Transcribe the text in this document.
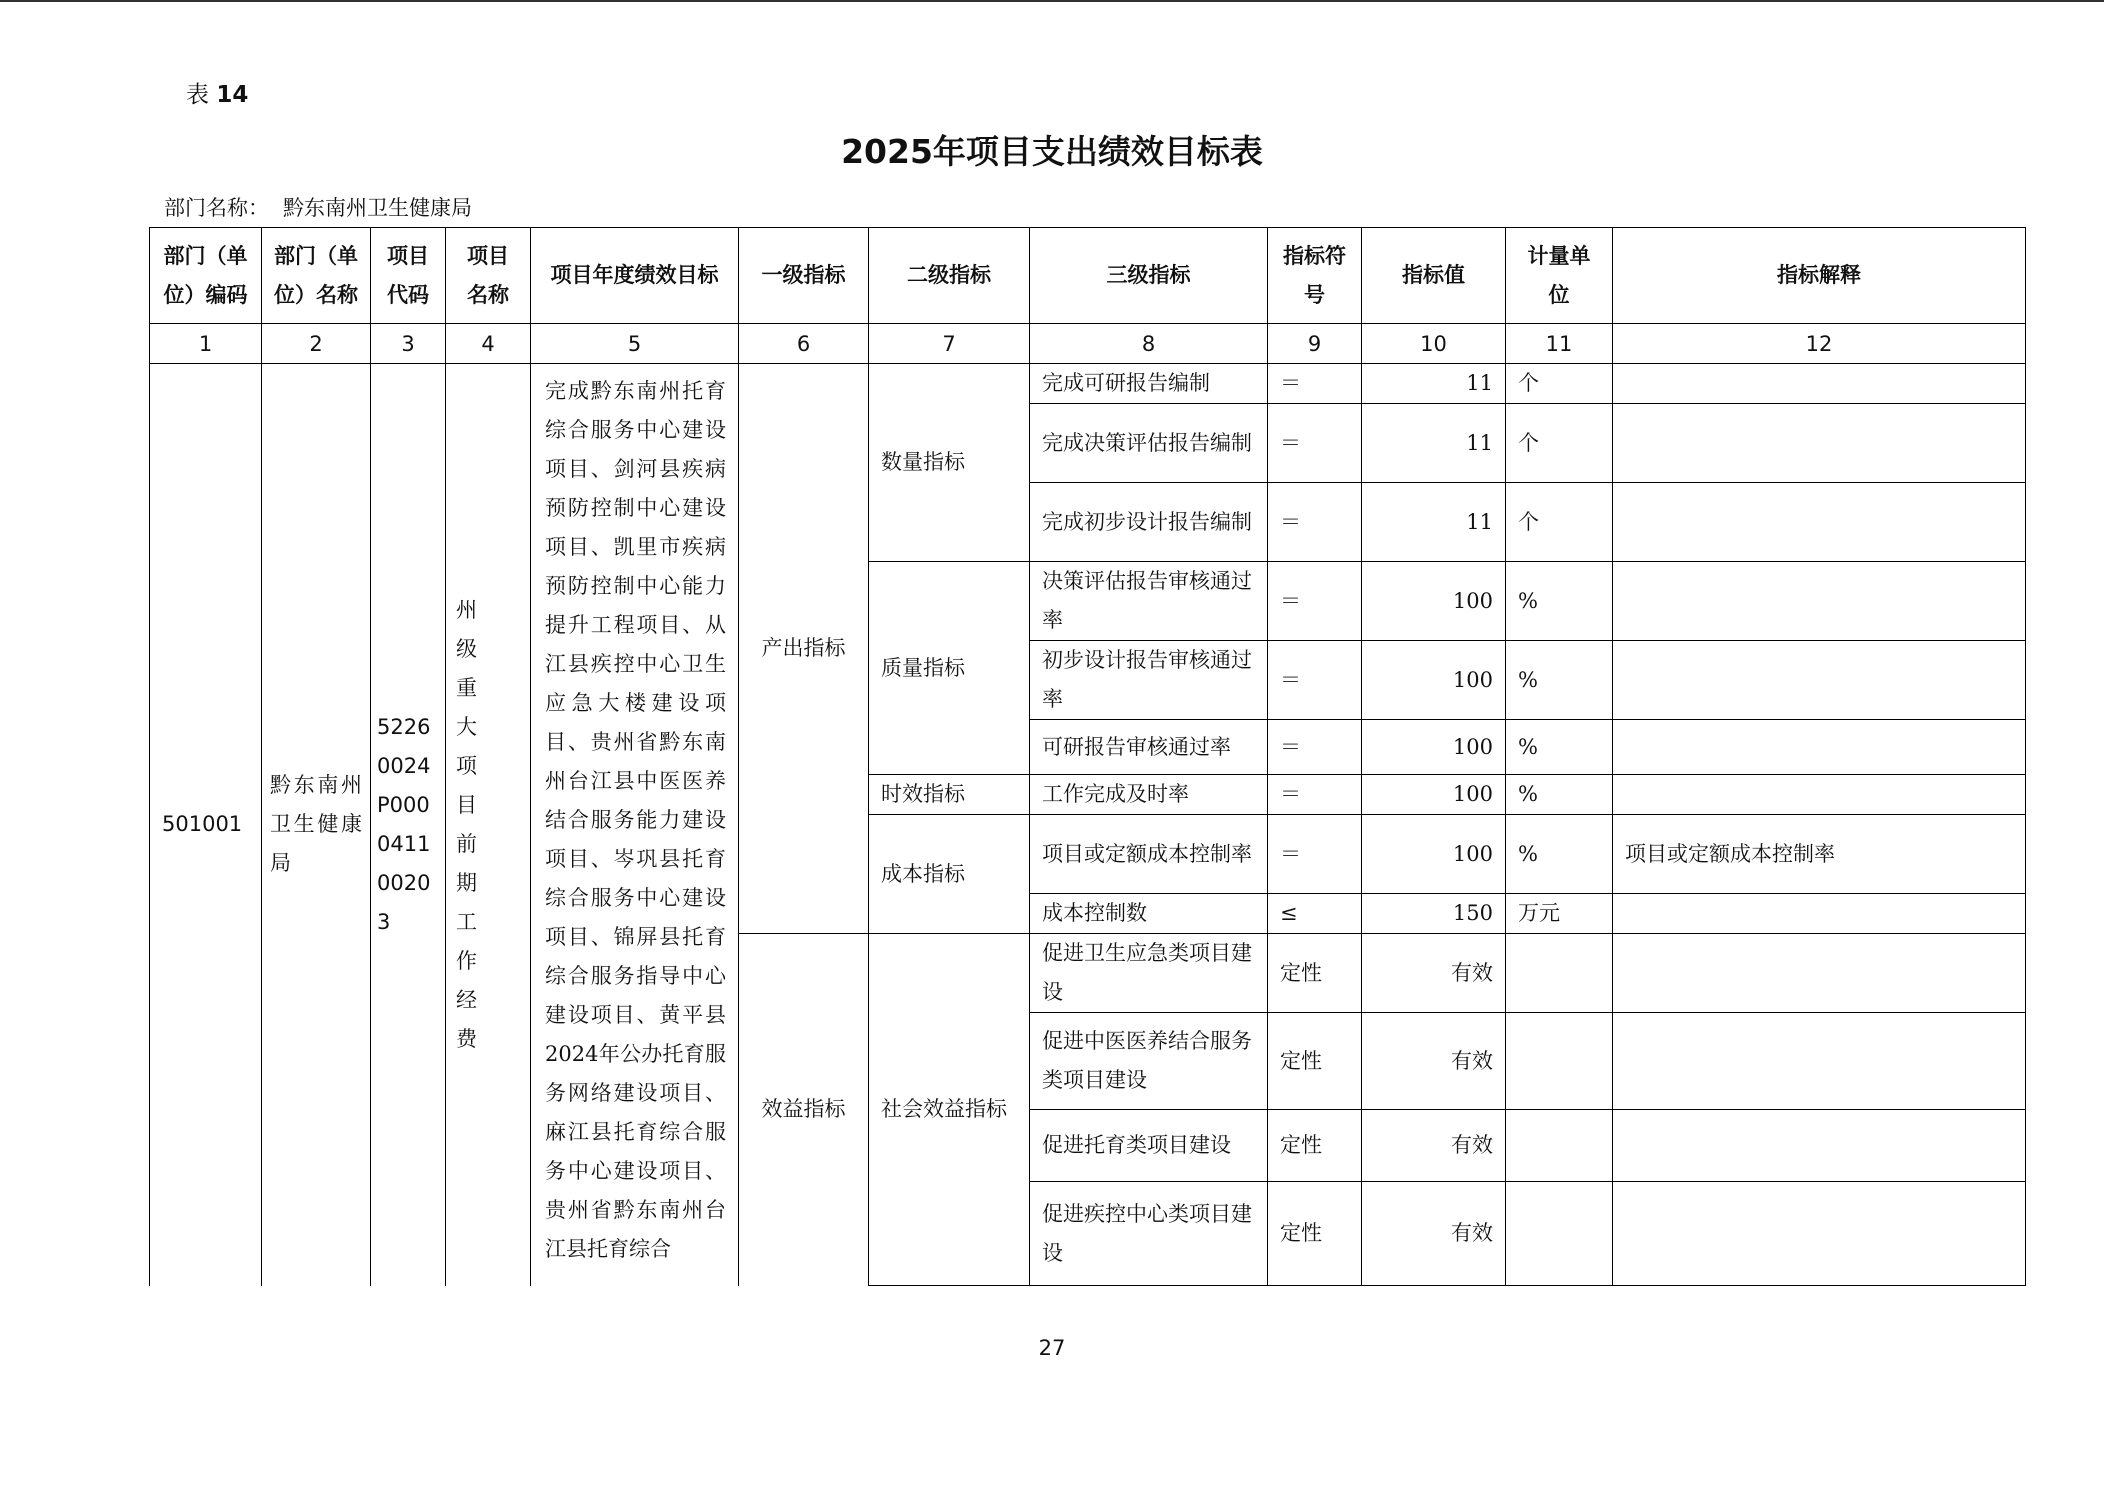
表 14
2025年项目支出绩效目标表
部门名称： 黔东南州卫生健康局
部门（单位）编码	部门（单位）名称	项目代码	项目名称	项目年度绩效目标	一级指标	二级指标	三级指标	指标符号	指标值	计量单位	指标解释
1	2	3	4	5	6	7	8	9	10	11	12
501001	黔东南州卫生健康局	5226 0024 P000 0411 0020 3	州级重大项目前期工作经费	完成黔东南州托育综合服务中心建设项目、剑河县疾病预防控制中心建设项目、凯里市疾病预防控制中心能力提升工程项目、从江县疾控中心卫生应急大楼建设项目、贵州省黔东南州台江县中医医养结合服务能力建设项目、岑巩县托育综合服务中心建设项目、锦屏县托育综合服务指导中心建设项目、黄平县2024年公办托育服务网络建设项目、麻江县托育综合服务中心建设项目、贵州省黔东南州台江县托育综合	产出指标	数量指标	完成可研报告编制	＝	11	个	
							完成决策评估报告编制	＝	11	个	
							完成初步设计报告编制	＝	11	个	
						质量指标	决策评估报告审核通过率	＝	100	%	
							初步设计报告审核通过率	＝	100	%	
							可研报告审核通过率	＝	100	%	
						时效指标	工作完成及时率	＝	100	%	
						成本指标	项目或定额成本控制率	＝	100	%	项目或定额成本控制率
							成本控制数	≤	150	万元	
					效益指标	社会效益指标	促进卫生应急类项目建设	定性	有效		
							促进中医医养结合服务类项目建设	定性	有效		
							促进托育类项目建设	定性	有效		
							促进疾控中心类项目建设	定性	有效		
27
